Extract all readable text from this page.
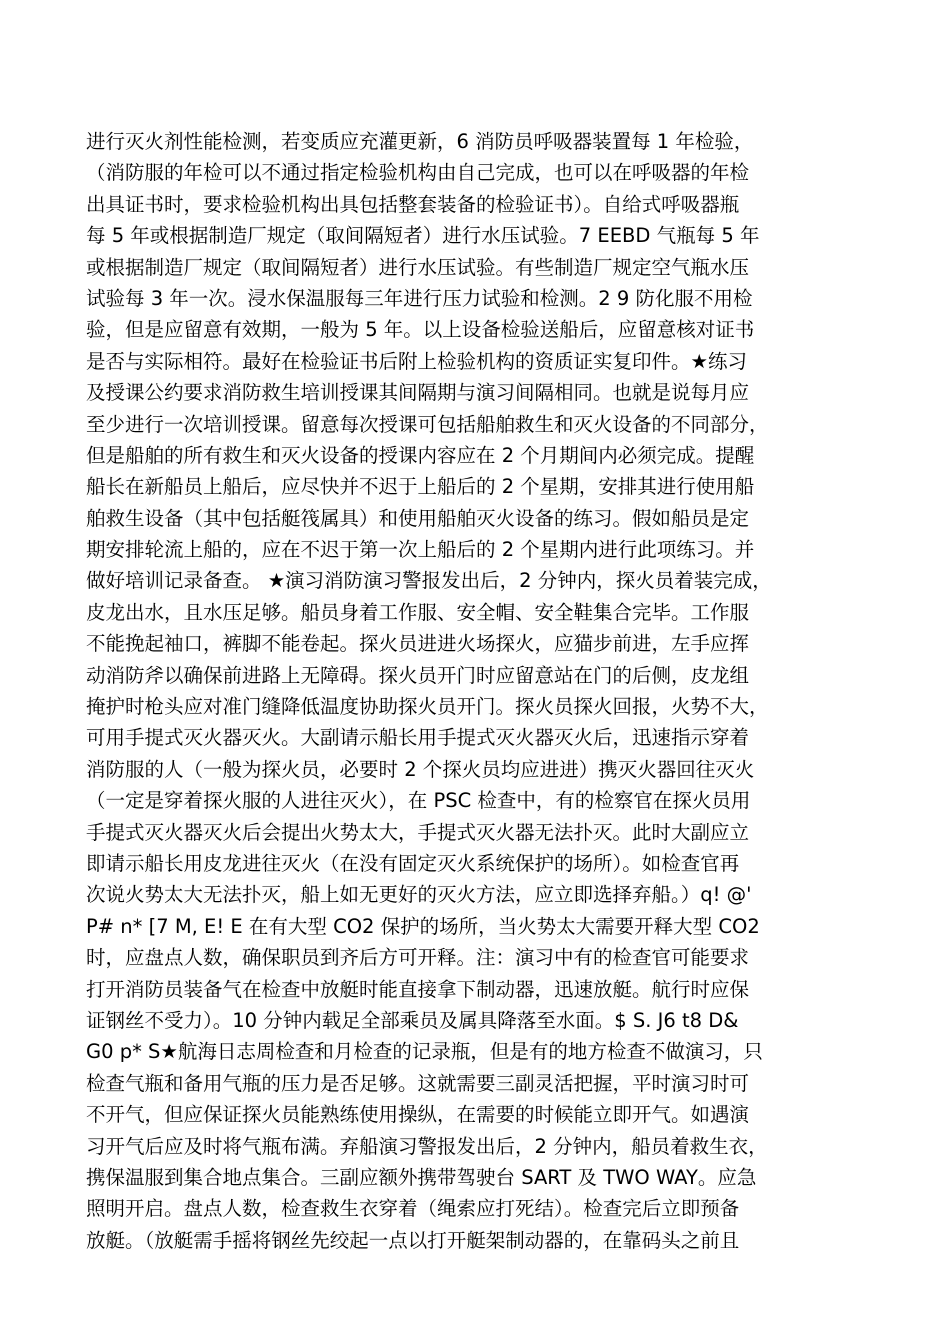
进行灭火剂性能检测，若变质应充灌更新，6 消防员呼吸器装置每 1 年检验，
（消防服的年检可以不通过指定检验机构由自己完成，也可以在呼吸器的年检
出具证书时，要求检验机构出具包括整套装备的检验证书）。自给式呼吸器瓶
每 5 年或根据制造厂规定（取间隔短者）进行水压试验。7 EEBD 气瓶每 5 年
或根据制造厂规定（取间隔短者）进行水压试验。有些制造厂规定空气瓶水压
试验每 3 年一次。浸水保温服每三年进行压力试验和检测。2 9 防化服不用检
验，但是应留意有效期，一般为 5 年。以上设备检验送船后，应留意核对证书
是否与实际相符。最好在检验证书后附上检验机构的资质证实复印件。★练习
及授课公约要求消防救生培训授课其间隔期与演习间隔相同。也就是说每月应
至少进行一次培训授课。留意每次授课可包括船舶救生和灭火设备的不同部分，
但是船舶的所有救生和灭火设备的授课内容应在 2 个月期间内必须完成。提醒
船长在新船员上船后，应尽快并不迟于上船后的 2 个星期，安排其进行使用船
舶救生设备（其中包括艇筏属具）和使用船舶灭火设备的练习。假如船员是定
期安排轮流上船的，应在不迟于第一次上船后的 2 个星期内进行此项练习。并
做好培训记录备查。 ★演习消防演习警报发出后，2 分钟内，探火员着装完成，
皮龙出水，且水压足够。船员身着工作服、安全帽、安全鞋集合完毕。工作服
不能挽起袖口，裤脚不能卷起。探火员进进火场探火，应猫步前进，左手应挥
动消防斧以确保前进路上无障碍。探火员开门时应留意站在门的后侧，皮龙组
掩护时枪头应对准门缝降低温度协助探火员开门。探火员探火回报，火势不大，
可用手提式灭火器灭火。大副请示船长用手提式灭火器灭火后，迅速指示穿着
消防服的人（一般为探火员，必要时 2 个探火员均应进进）携灭火器回往灭火
（一定是穿着探火服的人进往灭火），在 PSC 检查中，有的检察官在探火员用
手提式灭火器灭火后会提出火势太大，手提式灭火器无法扑灭。此时大副应立
即请示船长用皮龙进往灭火（在没有固定灭火系统保护的场所）。如检查官再
次说火势太大无法扑灭，船上如无更好的灭火方法，应立即选择弃船。）q! @'
P# n* [7 M, E! E 在有大型 CO2 保护的场所，当火势太大需要开释大型 CO2
时，应盘点人数，确保职员到齐后方可开释。注：演习中有的检查官可能要求
打开消防员装备气在检查中放艇时能直接拿下制动器，迅速放艇。航行时应保
证钢丝不受力）。10 分钟内载足全部乘员及属具降落至水面。$ S. J6 t8 D&
G0 p* S★航海日志周检查和月检查的记录瓶，但是有的地方检查不做演习，只
检查气瓶和备用气瓶的压力是否足够。这就需要三副灵活把握，平时演习时可
不开气，但应保证探火员能熟练使用操纵，在需要的时候能立即开气。如遇演
习开气后应及时将气瓶布满。弃船演习警报发出后，2 分钟内，船员着救生衣，
携保温服到集合地点集合。三副应额外携带驾驶台 SART 及 TWO WAY。应急
照明开启。盘点人数，检查救生衣穿着（绳索应打死结）。检查完后立即预备
放艇。（放艇需手摇将钢丝先绞起一点以打开艇架制动器的，在靠码头之前且
